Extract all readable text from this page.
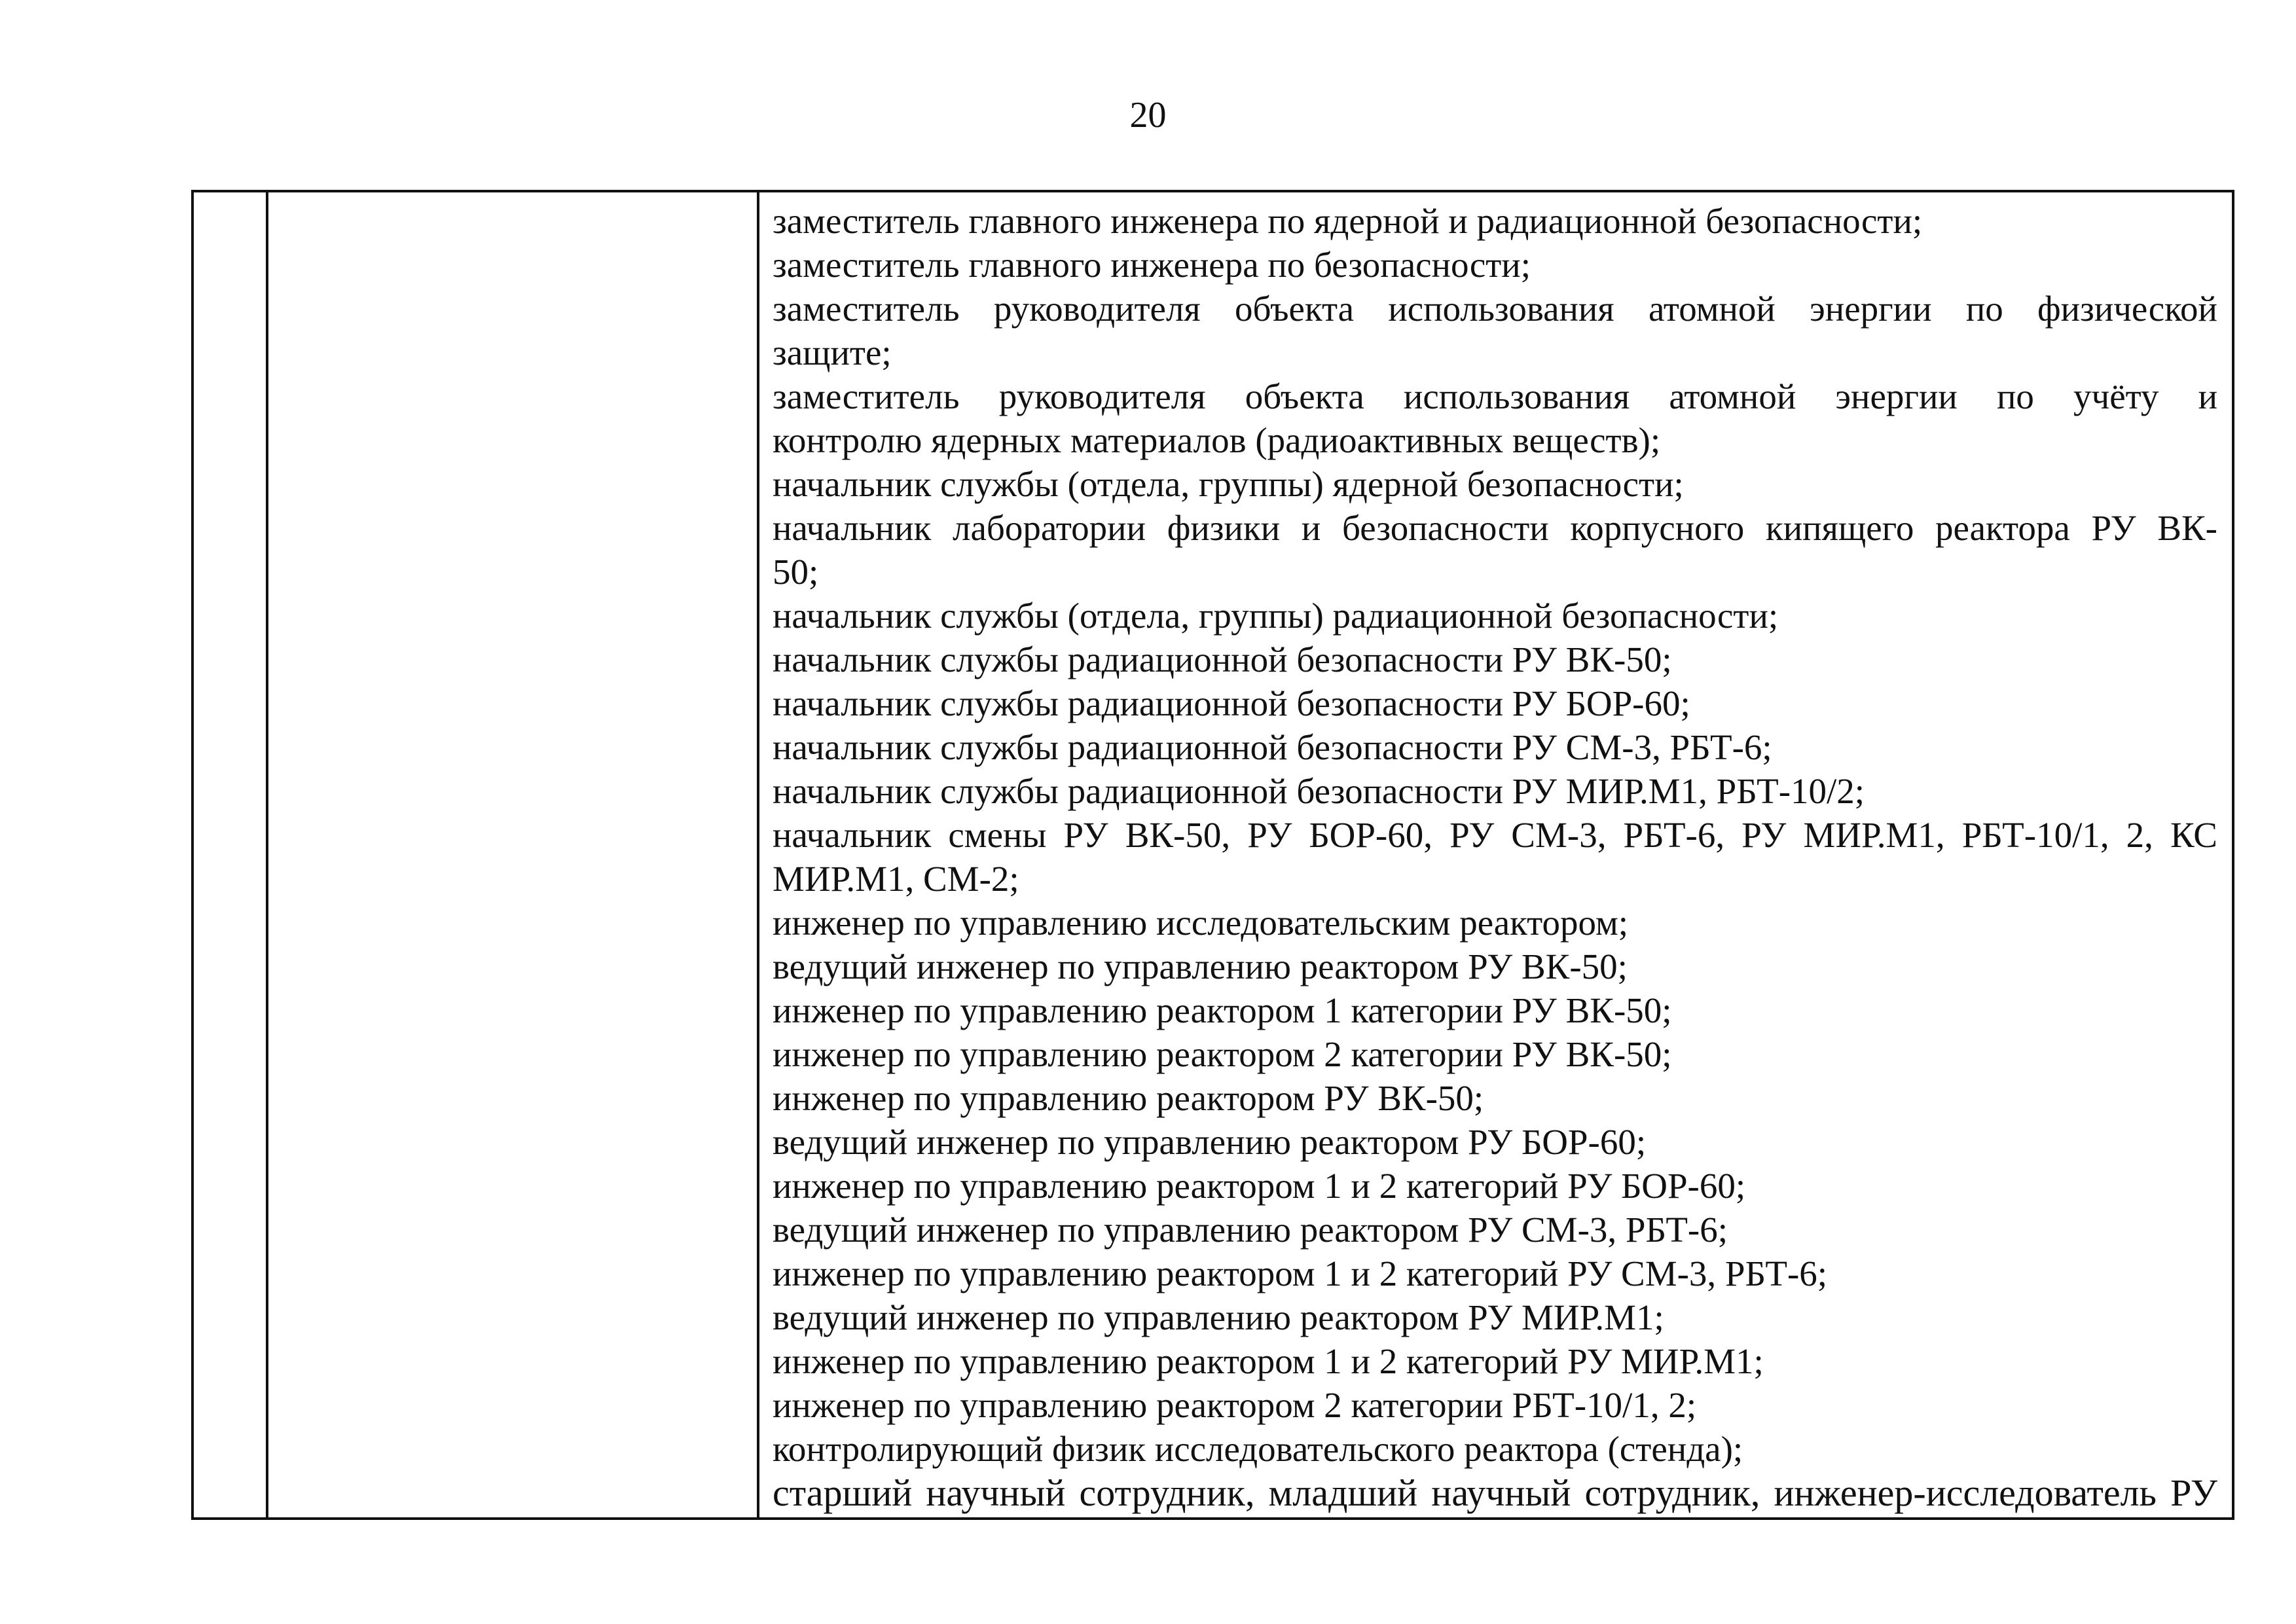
20
заместитель главного инженера по ядерной и радиационной безопасности;
заместитель главного инженера по безопасности;
заместитель руководителя объекта использования атомной энергии по физической
защите;
заместитель руководителя объекта использования атомной энергии по учёту и
контролю ядерных материалов (радиоактивных веществ);
начальник службы (отдела, группы) ядерной безопасности;
начальник лаборатории физики и безопасности корпусного кипящего реактора РУ ВК-
50;
начальник службы (отдела, группы) радиационной безопасности;
начальник службы радиационной безопасности РУ ВК-50;
начальник службы радиационной безопасности РУ БОР-60;
начальник службы радиационной безопасности РУ СМ-3, РБТ-6;
начальник службы радиационной безопасности РУ МИР.М1, РБТ-10/2;
начальник смены РУ ВК-50, РУ БОР-60, РУ СМ-3, РБТ-6, РУ МИР.М1, РБТ-10/1, 2, КС
МИР.М1, СМ-2;
инженер по управлению исследовательским реактором;
ведущий инженер по управлению реактором РУ ВК-50;
инженер по управлению реактором 1 категории РУ ВК-50;
инженер по управлению реактором 2 категории РУ ВК-50;
инженер по управлению реактором РУ ВК-50;
ведущий инженер по управлению реактором РУ БОР-60;
инженер по управлению реактором 1 и 2 категорий РУ БОР-60;
ведущий инженер по управлению реактором РУ СМ-3, РБТ-6;
инженер по управлению реактором 1 и 2 категорий РУ СМ-3, РБТ-6;
ведущий инженер по управлению реактором РУ МИР.М1;
инженер по управлению реактором 1 и 2 категорий РУ МИР.М1;
инженер по управлению реактором 2 категории РБТ-10/1, 2;
контролирующий физик исследовательского реактора (стенда);
старший научный сотрудник, младший научный сотрудник, инженер-исследователь РУ
